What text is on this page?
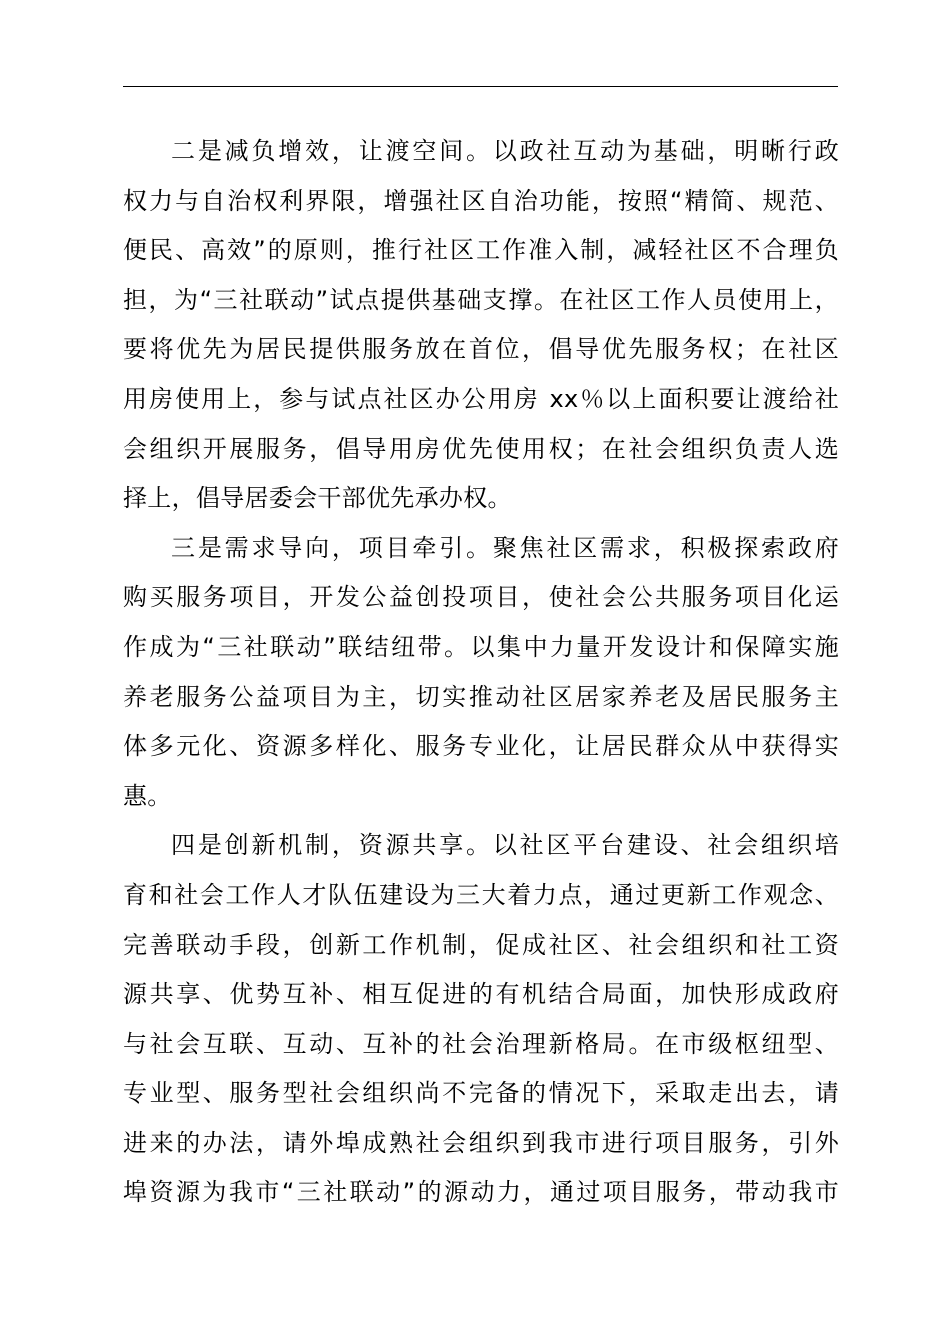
二是减负增效，让渡空间。以政社互动为基础，明晰行政
权力与自治权利界限，增强社区自治功能，按照“精简、规范、
便民、高效”的原则，推行社区工作准入制，减轻社区不合理负
担，为“三社联动”试点提供基础支撑。在社区工作人员使用上，
要将优先为居民提供服务放在首位，倡导优先服务权；在社区
用房使用上，参与试点社区办公用房 xx％以上面积要让渡给社
会组织开展服务，倡导用房优先使用权；在社会组织负责人选
择上，倡导居委会干部优先承办权。
三是需求导向，项目牵引。聚焦社区需求，积极探索政府
购买服务项目，开发公益创投项目，使社会公共服务项目化运
作成为“三社联动”联结纽带。以集中力量开发设计和保障实施
养老服务公益项目为主，切实推动社区居家养老及居民服务主
体多元化、资源多样化、服务专业化，让居民群众从中获得实
惠。
四是创新机制，资源共享。以社区平台建设、社会组织培
育和社会工作人才队伍建设为三大着力点，通过更新工作观念、
完善联动手段，创新工作机制，促成社区、社会组织和社工资
源共享、优势互补、相互促进的有机结合局面，加快形成政府
与社会互联、互动、互补的社会治理新格局。在市级枢纽型、
专业型、服务型社会组织尚不完备的情况下，采取走出去，请
进来的办法，请外埠成熟社会组织到我市进行项目服务，引外
埠资源为我市“三社联动”的源动力，通过项目服务，带动我市
